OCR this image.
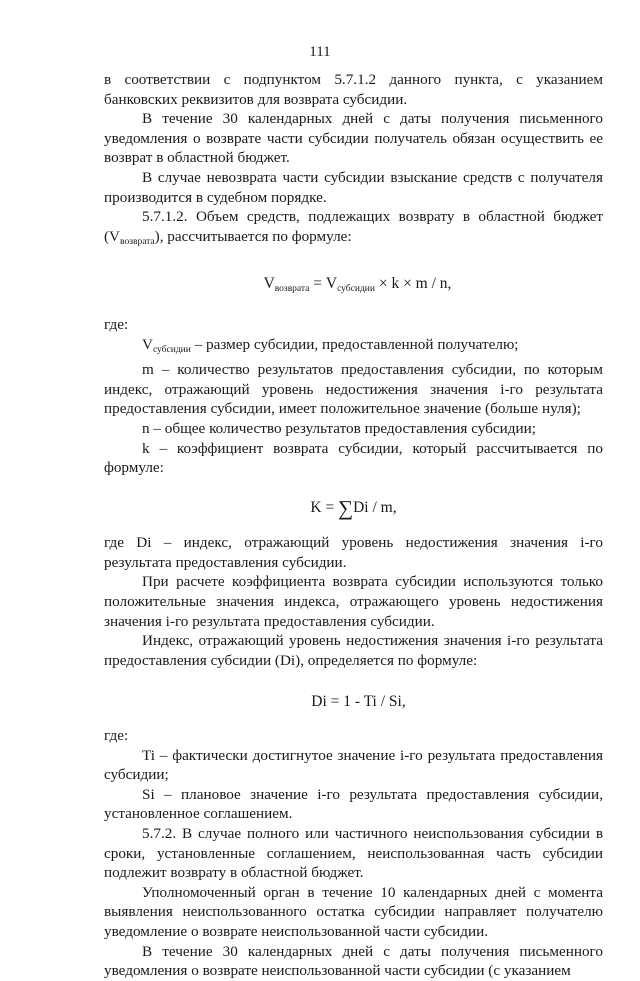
111

в соответствии с подпунктом 5.7.1.2 данного пункта, с указанием банковских реквизитов для возврата субсидии.

В течение 30 календарных дней с даты получения письменного уведомления о возврате части субсидии получатель обязан осуществить ее возврат в областной бюджет.

В случае невозврата части субсидии взыскание средств с получателя производится в судебном порядке.

5.7.1.2. Объем средств, подлежащих возврату в областной бюджет $(V_{возврата})$, рассчитывается по формуле:

$V_{возврата} = V_{субсидии} \times k \times m / n$,

где:

$V_{субсидии}$ – размер субсидии, предоставленной получателю;

m – количество результатов предоставления субсидии, по которым индекс, отражающий уровень недостижения значения i-го результата предоставления субсидии, имеет положительное значение (больше нуля);

n – общее количество результатов предоставления субсидии;

k – коэффициент возврата субсидии, который рассчитывается по формуле:

K = ∑Di / m,

где Di – индекс, отражающий уровень недостижения значения i-го результата предоставления субсидии.

При расчете коэффициента возврата субсидии используются только положительные значения индекса, отражающего уровень недостижения значения i-го результата предоставления субсидии.

Индекс, отражающий уровень недостижения значения i-го результата предоставления субсидии (Di), определяется по формуле:

Di = 1 - Ti / Si,

где:

Ti – фактически достигнутое значение i-го результата предоставления субсидии;

Si – плановое значение i-го результата предоставления субсидии, установленное соглашением.

5.7.2. В случае полного или частичного неиспользования субсидии в сроки, установленные соглашением, неиспользованная часть субсидии подлежит возврату в областной бюджет.

Уполномоченный орган в течение 10 календарных дней с момента выявления неиспользованного остатка субсидии направляет получателю уведомление о возврате неиспользованной части субсидии.

В течение 30 календарных дней с даты получения письменного уведомления о возврате неиспользованной части субсидии (с указанием
